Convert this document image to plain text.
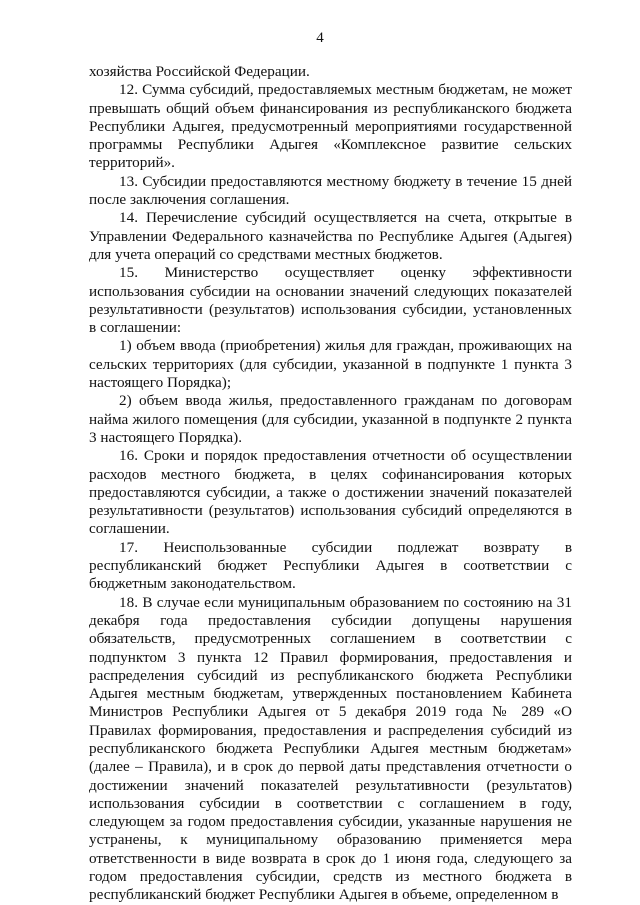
4

хозяйства Российской Федерации.

12. Сумма субсидий, предоставляемых местным бюджетам, не может превышать общий объем финансирования из республиканского бюджета Республики Адыгея, предусмотренный мероприятиями государственной программы Республики Адыгея «Комплексное развитие сельских территорий».

13. Субсидии предоставляются местному бюджету в течение 15 дней после заключения соглашения.

14. Перечисление субсидий осуществляется на счета, открытые в Управлении Федерального казначейства по Республике Адыгея (Адыгея) для учета операций со средствами местных бюджетов.

15. Министерство осуществляет оценку эффективности использования субсидии на основании значений следующих показателей результативности (результатов) использования субсидии, установленных в соглашении:

1) объем ввода (приобретения) жилья для граждан, проживающих на сельских территориях (для субсидии, указанной в подпункте 1 пункта 3 настоящего Порядка);

2) объем ввода жилья, предоставленного гражданам по договорам найма жилого помещения (для субсидии, указанной в подпункте 2 пункта 3 настоящего Порядка).

16. Сроки и порядок предоставления отчетности об осуществлении расходов местного бюджета, в целях софинансирования которых предоставляются субсидии, а также о достижении значений показателей результативности (результатов) использования субсидий определяются в соглашении.

17. Неиспользованные субсидии подлежат возврату в республиканский бюджет Республики Адыгея в соответствии с бюджетным законодательством.

18. В случае если муниципальным образованием по состоянию на 31 декабря года предоставления субсидии допущены нарушения обязательств, предусмотренных соглашением в соответствии с подпунктом 3 пункта 12 Правил формирования, предоставления и распределения субсидий из республиканского бюджета Республики Адыгея местным бюджетам, утвержденных постановлением Кабинета Министров Республики Адыгея от 5 декабря 2019 года № 289 «О Правилах формирования, предоставления и распределения субсидий из республиканского бюджета Республики Адыгея местным бюджетам» (далее – Правила), и в срок до первой даты представления отчетности о достижении значений показателей результативности (результатов) использования субсидии в соответствии с соглашением в году, следующем за годом предоставления субсидии, указанные нарушения не устранены, к муниципальному образованию применяется мера ответственности в виде возврата в срок до 1 июня года, следующего за годом предоставления субсидии, средств из местного бюджета в республиканский бюджет Республики Адыгея в объеме, определенном в
